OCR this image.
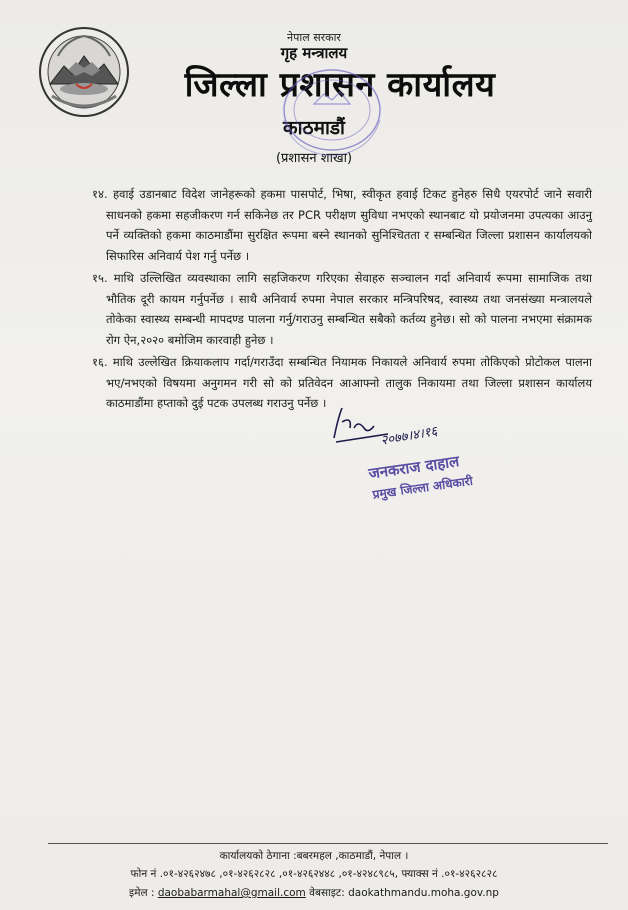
नेपाल सरकार
गृह मन्त्रालय
जिल्ला प्रशासन कार्यालय
काठमाडौं
(प्रशासन शाखा)
१४. हवाई उडानबाट विदेश जानेहरूको हकमा पासपोर्ट, भिषा, स्वीकृत हवाई टिकट हुनेहरु सिधै एयरपोर्ट जाने सवारी साधनको हकमा सहजीकरण गर्न सकिनेछ तर PCR परीक्षण सुविधा नभएको स्थानबाट यो प्रयोजनमा उपत्यका आउनु पर्ने व्यक्तिको हकमा काठमाडौंमा सुरक्षित रूपमा बस्ने स्थानको सुनिश्चितता र सम्बन्धित जिल्ला प्रशासन कार्यालयको सिफारिस अनिवार्य पेश गर्नु पर्नेछ ।
१५. माथि उल्लिखित व्यवस्थाका लागि सहजिकरण गरिएका सेवाहरु सञ्चालन गर्दा अनिवार्य रूपमा सामाजिक तथा भौतिक दूरी कायम गर्नुपर्नेछ । साथै अनिवार्य रुपमा नेपाल सरकार मन्त्रिपरिषद, स्वास्थ्य तथा जनसंख्या मन्त्रालयले तोकेका स्वास्थ्य सम्बन्धी मापदण्ड पालना गर्नु/गराउनु सम्बन्धित सबैको कर्तव्य हुनेछ। सो को पालना नभएमा संक्रामक रोग ऐन,२०२० बमोजिम कारवाही हुनेछ ।
१६. माथि उल्लेखित क्रियाकलाप गर्दा/गराउँदा सम्बन्धित नियामक निकायले अनिवार्य रुपमा तोकिएको प्रोटोकल पालना भए/नभएको विषयमा अनुगमन गरी सो को प्रतिवेदन आआफ्नो तालुक निकायमा तथा जिल्ला प्रशासन कार्यालय काठमाडौंमा हप्ताको दुई पटक उपलब्ध गराउनु पर्नेछ ।
२०७७।४।१६
जनकराज दाहाल
प्रमुख जिल्ला अधिकारी
कार्यालयको ठेगाना :बबरमहल ,काठमाडौं, नेपाल ।
फोन नं .०१-४२६२४७८ ,०१-४२६२८२८ ,०१-४२६२४४८ ,०१-४२४८९८५, फ्याक्स नं .०१-४२६२८२८
इमेल : daobabarmahal@gmail.com वेबसाइट: daokathmandu.moha.gov.np
